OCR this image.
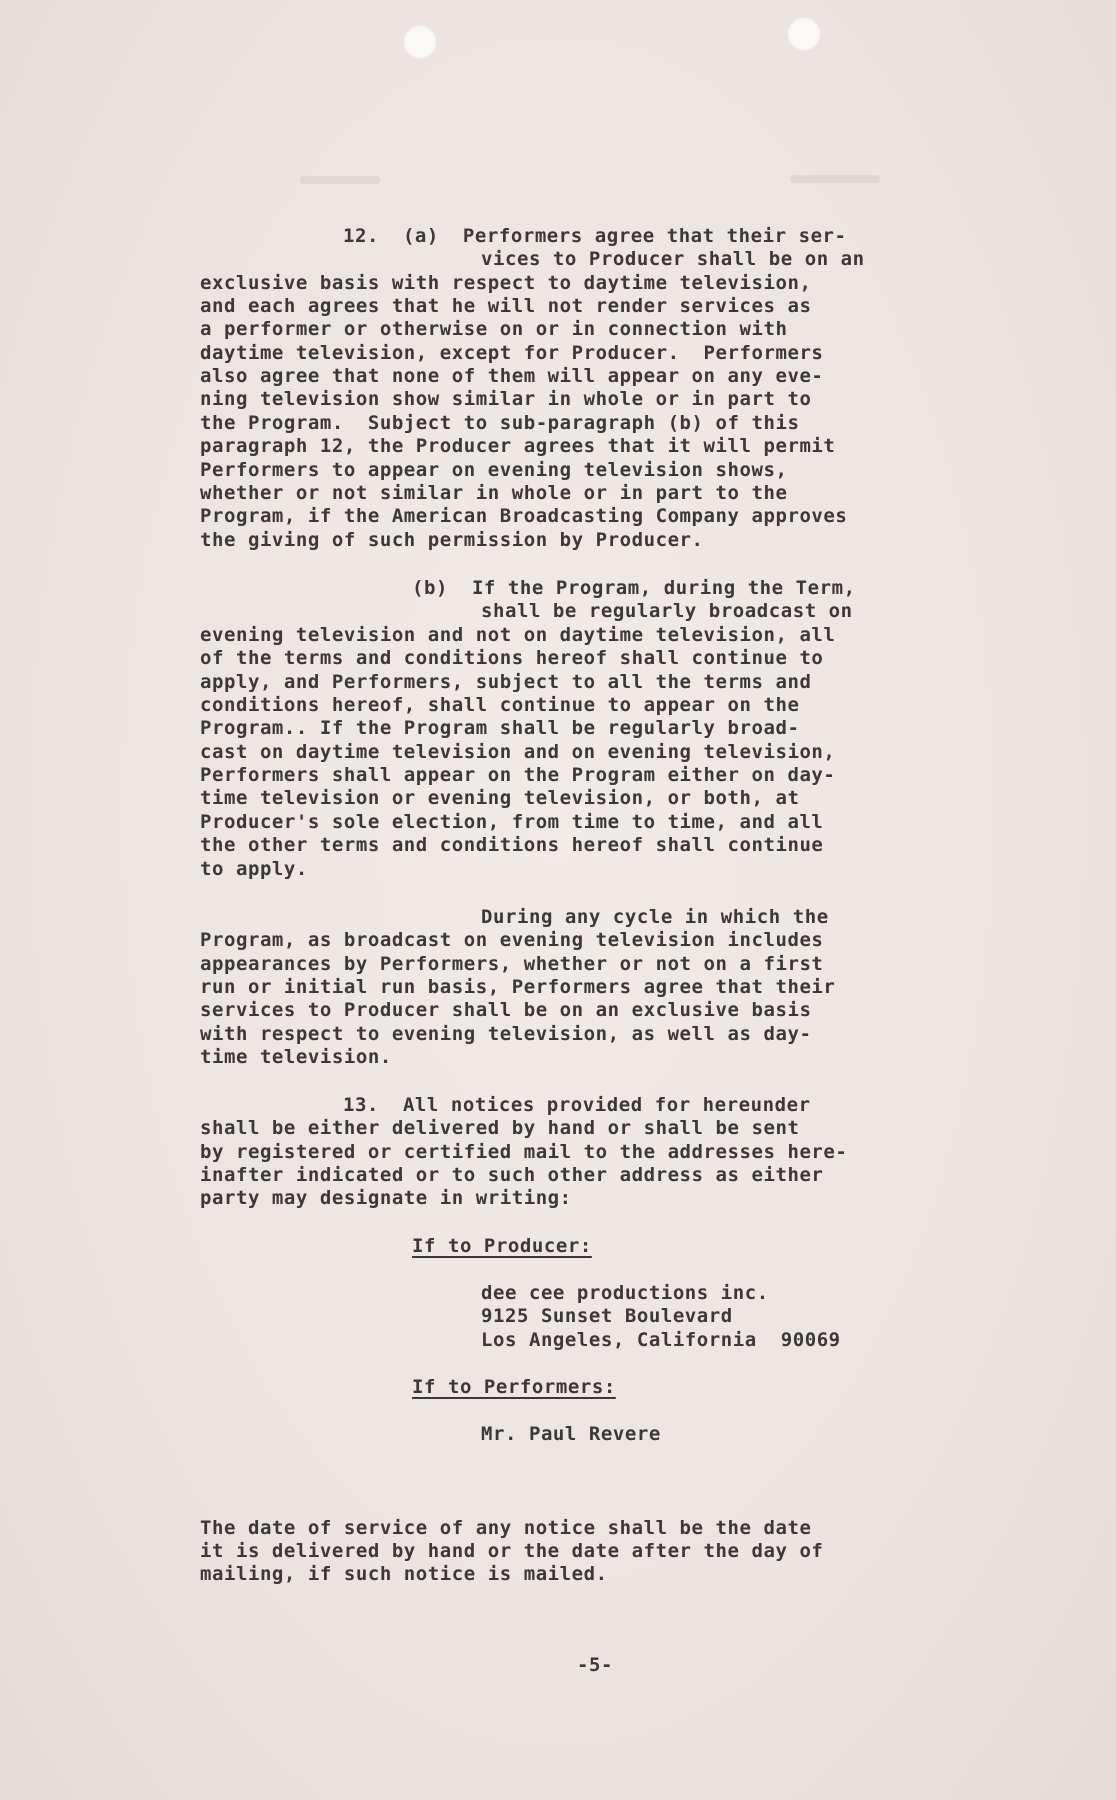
12.  (a)  Performers agree that their ser-

vices to Producer shall be on an

exclusive basis with respect to daytime television,

and each agrees that he will not render services as

a performer or otherwise on or in connection with

daytime television, except for Producer.  Performers

also agree that none of them will appear on any eve-

ning television show similar in whole or in part to

the Program.  Subject to sub-paragraph (b) of this

paragraph 12, the Producer agrees that it will permit

Performers to appear on evening television shows,

whether or not similar in whole or in part to the

Program, if the American Broadcasting Company approves

the giving of such permission by Producer.

(b)  If the Program, during the Term,

shall be regularly broadcast on

evening television and not on daytime television, all

of the terms and conditions hereof shall continue to

apply, and Performers, subject to all the terms and

conditions hereof, shall continue to appear on the

Program.. If the Program shall be regularly broad-

cast on daytime television and on evening television,

Performers shall appear on the Program either on day-

time television or evening television, or both, at

Producer's sole election, from time to time, and all

the other terms and conditions hereof shall continue

to apply.

During any cycle in which the

Program, as broadcast on evening television includes

appearances by Performers, whether or not on a first

run or initial run basis, Performers agree that their

services to Producer shall be on an exclusive basis

with respect to evening television, as well as day-

time television.

13.  All notices provided for hereunder

shall be either delivered by hand or shall be sent

by registered or certified mail to the addresses here-

inafter indicated or to such other address as either

party may designate in writing:

If to Producer:

dee cee productions inc.

9125 Sunset Boulevard

Los Angeles, California  90069

If to Performers:

Mr. Paul Revere

The date of service of any notice shall be the date

it is delivered by hand or the date after the day of

mailing, if such notice is mailed.

-5-
